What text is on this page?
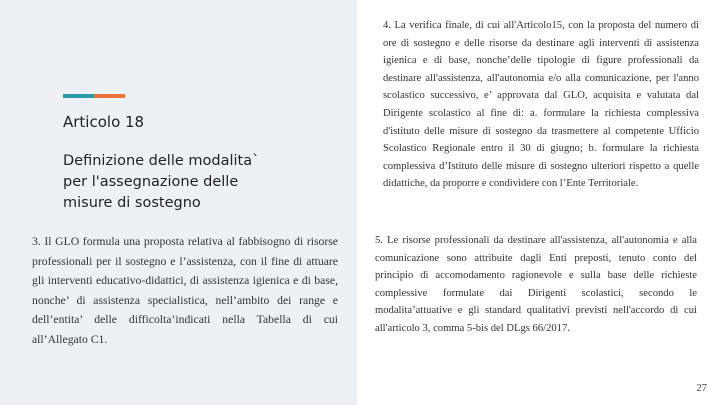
Articolo 18
Definizione delle modalita`
per l'assegnazione delle
misure di sostegno
3. Il GLO formula una proposta relativa al fabbisogno di risorse professionali per il sostegno e l’assistenza, con il fine di attuare gli interventi educativo-didattici, di assistenza igienica e di base, nonche’ di assistenza specialistica, nell’ambito dei range e dell’entita’ delle difficolta’indicati nella Tabella di cui all’Allegato C1.
4. La verifica finale, di cui all'Articolo15, con la proposta del numero di ore di sostegno e delle risorse da destinare agli interventi di assistenza igienica e di base, nonche’delle tipologie di figure professionali da destinare all'assistenza, all'autonomia e/o alla comunicazione, per l'anno scolastico successivo, e’ approvata dal GLO, acquisita e valutata dal Dirigente scolastico al fine di: a. formulare la richiesta complessiva d'istituto delle misure di sostegno da trasmettere al competente Ufficio Scolastico Regionale entro il 30 di giugno; b. formulare la richiesta complessiva d’Istituto delle misure di sostegno ulteriori rispetto a quelle didattiche, da proporre e condividere con l’Ente Territoriale.
5. Le risorse professionali da destinare all'assistenza, all'autonomia e alla comunicazione sono attribuite dagli Enti preposti, tenuto conto del principio di accomodamento ragionevole e sulla base delle richieste complessive formulate dai Dirigenti scolastici, secondo le modalita’attuative e gli standard qualitativi previsti nell'accordo di cui all'articolo 3, comma 5-bis del DLgs 66/2017.
27
